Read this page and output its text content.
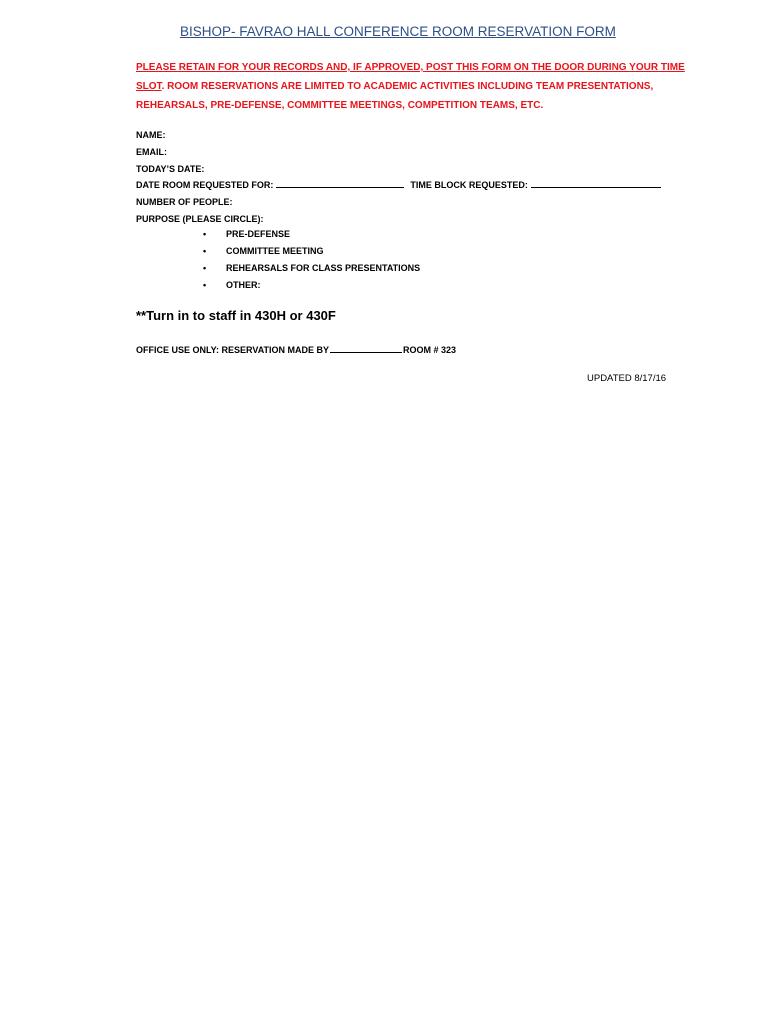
BISHOP- FAVRAO HALL CONFERENCE ROOM RESERVATION FORM
PLEASE RETAIN FOR YOUR RECORDS AND, IF APPROVED, POST THIS FORM ON THE DOOR DURING YOUR TIME SLOT. ROOM RESERVATIONS ARE LIMITED TO ACADEMIC ACTIVITIES INCLUDING TEAM PRESENTATIONS, REHEARSALS, PRE-DEFENSE, COMMITTEE MEETINGS, COMPETITION TEAMS, ETC.
NAME:
EMAIL:
TODAY’S DATE:
DATE ROOM REQUESTED FOR:	TIME BLOCK REQUESTED:
NUMBER OF PEOPLE:
PURPOSE (PLEASE CIRCLE):
• PRE-DEFENSE
• COMMITTEE MEETING
• REHEARSALS FOR CLASS PRESENTATIONS
• OTHER:
**Turn in to staff in 430H or 430F
OFFICE USE ONLY: RESERVATION MADE BY	ROOM # 323
UPDATED 8/17/16
